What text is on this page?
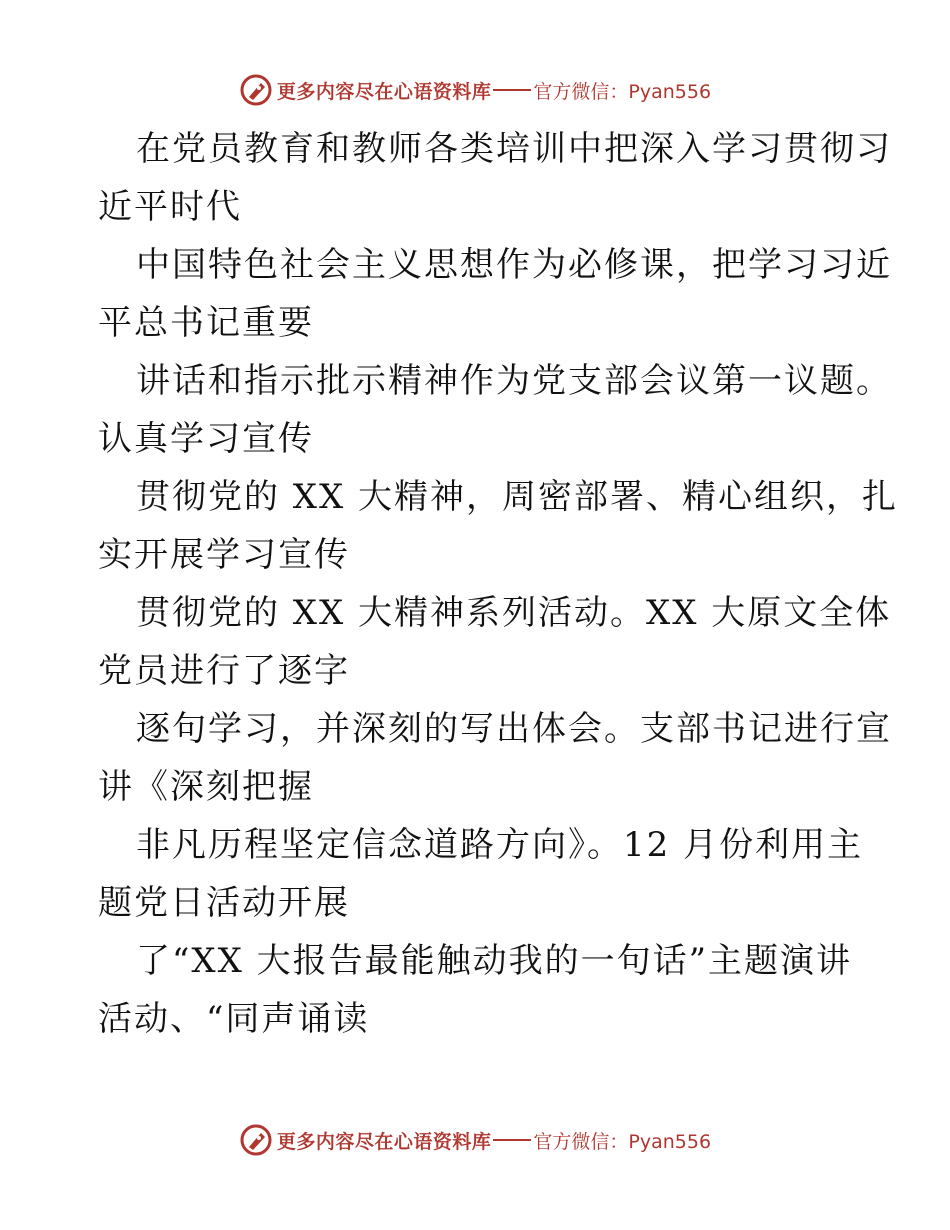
更多内容尽在心语资料库 官方微信：Pyan556
在党员教育和教师各类培训中把深入学习贯彻习
近平时代
中国特色社会主义思想作为必修课，把学习习近
平总书记重要
讲话和指示批示精神作为党支部会议第一议题。
认真学习宣传
贯彻党的 XX 大精神，周密部署、精心组织，扎
实开展学习宣传
贯彻党的 XX 大精神系列活动。XX 大原文全体
党员进行了逐字
逐句学习，并深刻的写出体会。支部书记进行宣
讲《深刻把握
非凡历程坚定信念道路方向》。12 月份利用主
题党日活动开展
了“XX 大报告最能触动我的一句话”主题演讲
活动、“同声诵读
更多内容尽在心语资料库 官方微信：Pyan556
